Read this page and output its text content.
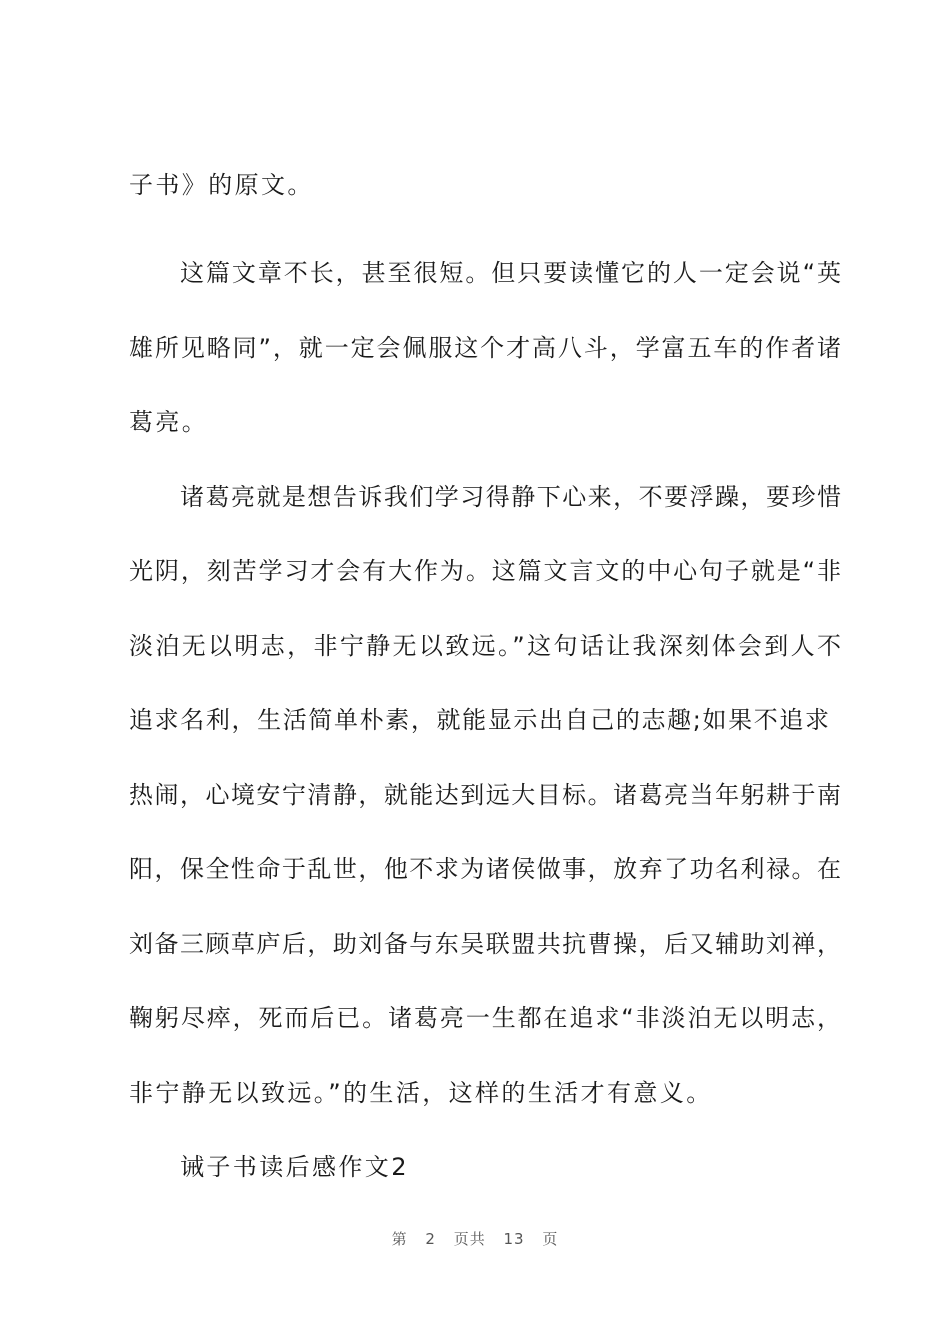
子书》的原文。
这篇文章不长，甚至很短。但只要读懂它的人一定会说“英
雄所见略同”，就一定会佩服这个才高八斗，学富五车的作者诸
葛亮。
诸葛亮就是想告诉我们学习得静下心来，不要浮躁，要珍惜
光阴，刻苦学习才会有大作为。这篇文言文的中心句子就是“非
淡泊无以明志，非宁静无以致远。”这句话让我深刻体会到人不
追求名利，生活简单朴素，就能显示出自己的志趣;如果不追求
热闹，心境安宁清静，就能达到远大目标。诸葛亮当年躬耕于南
阳，保全性命于乱世，他不求为诸侯做事，放弃了功名利禄。在
刘备三顾草庐后，助刘备与东吴联盟共抗曹操，后又辅助刘禅，
鞠躬尽瘁，死而后已。诸葛亮一生都在追求“非淡泊无以明志，
非宁静无以致远。”的生活，这样的生活才有意义。
诫子书读后感作文2
第 2 页共 13 页
